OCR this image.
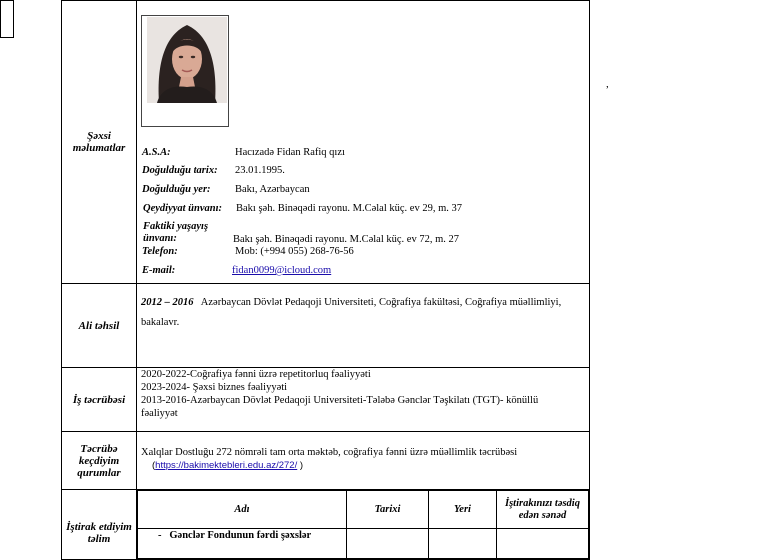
,
Şəxsi məlumatlar	A.S.A:	Hacızadə Fidan Rafiq qızı
Doğulduğu tarix: 23.01.1995.
Doğulduğu yer: Bakı, Azərbaycan
Qeydiyyat ünvanı: Bakı şəh. Binəqədi rayonu. M.Cəlal küç. ev 29, m. 37
Faktiki yaşayış ünvanı:	Bakı şəh. Binəqədi rayonu. M.Cəlal küç. ev 72, m. 27
Telefon:	Mob: (+994 055) 268-76-56
E-mail:	fidan0099@icloud.com

Ali təhsil	
2012 – 2016 Azərbaycan Dövlət Pedaqoji Universiteti, Coğrafiya fakültəsi, Coğrafiya müəllimliyi, bakalavr.

İş təcrübəsi	
2020-2022-Coğrafiya fənni üzrə repetitorluq fəaliyyəti
2023-2024- Şəxsi biznes fəaliyyəti
2013-2016-Azərbaycan Dövlət Pedaqoji Universiteti-Tələbə Gənclər Təşkilatı (TGT)- könüllü fəaliyyət

Təcrübə keçdiyim qurumlar	
Xalqlar Dostluğu 272 nömrəli tam orta məktəb, coğrafiya fənni üzrə müəllimlik təcrübəsi
(https://bakimektebleri.edu.az/272/ )

İştirak etdiyim təlim	
Adı	Tarixi	Yeri	İştirakınızı təsdiq edən sənəd
-   Gənclər Fondunun fərdi şəxslər			
